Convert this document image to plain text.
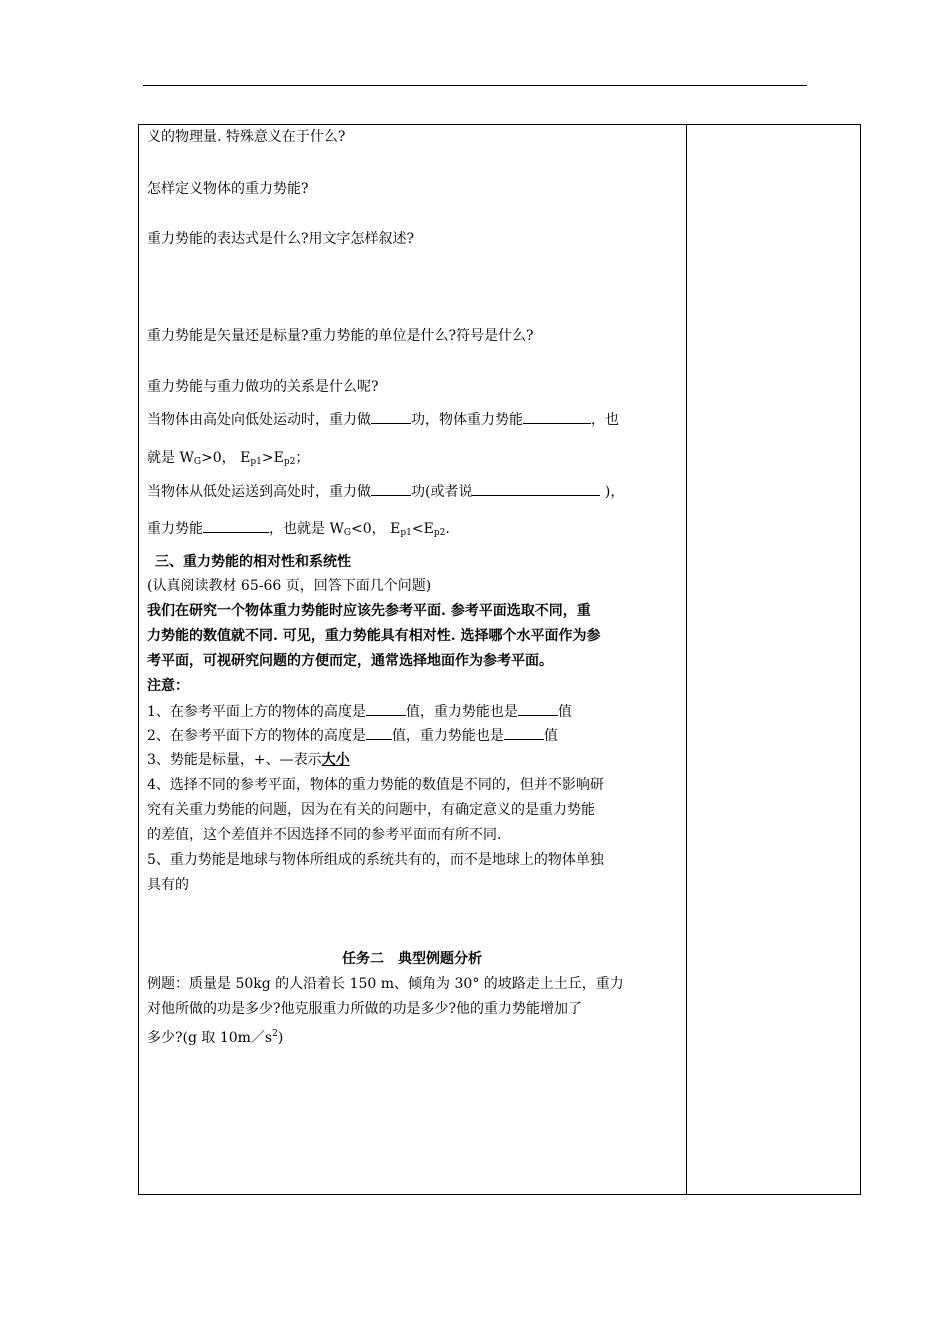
义的物理量. 特殊意义在于什么?
怎样定义物体的重力势能?
重力势能的表达式是什么?用文字怎样叙述?
重力势能是矢量还是标量?重力势能的单位是什么?符号是什么?
重力势能与重力做功的关系是什么呢?
当物体由高处向低处运动时，重力做	功，物体重力势能	，也
就是 $W_G>0$， $E_{p1}>E_{p2}$；
当物体从低处运送到高处时，重力做	功(或者说	)，
重力势能	，也就是 $W_G<0$， $E_{p1}<E_{p2}$.
三、重力势能的相对性和系统性
(认真阅读教材 65-66 页，回答下面几个问题)
我们在研究一个物体重力势能时应该先参考平面. 参考平面选取不同，重
力势能的数值就不同. 可见，重力势能具有相对性. 选择哪个水平面作为参
考平面，可视研究问题的方便而定，通常选择地面作为参考平面。
注意：
1、在参考平面上方的物体的高度是	值，重力势能也是	值
2、在参考平面下方的物体的高度是 值，重力势能也是	值
3、势能是标量，+、—表示大小
4、选择不同的参考平面，物体的重力势能的数值是不同的，但并不影响研
究有关重力势能的问题，因为在有关的问题中，有确定意义的是重力势能
的差值，这个差值并不因选择不同的参考平面而有所不同.
5、重力势能是地球与物体所组成的系统共有的，而不是地球上的物体单独
具有的
任务二　典型例题分析
例题：质量是 50kg 的人沿着长 150 m、倾角为 30° 的坡路走上土丘，重力
对他所做的功是多少?他克服重力所做的功是多少?他的重力势能增加了
多少?(g 取 $10m/s^2$)
